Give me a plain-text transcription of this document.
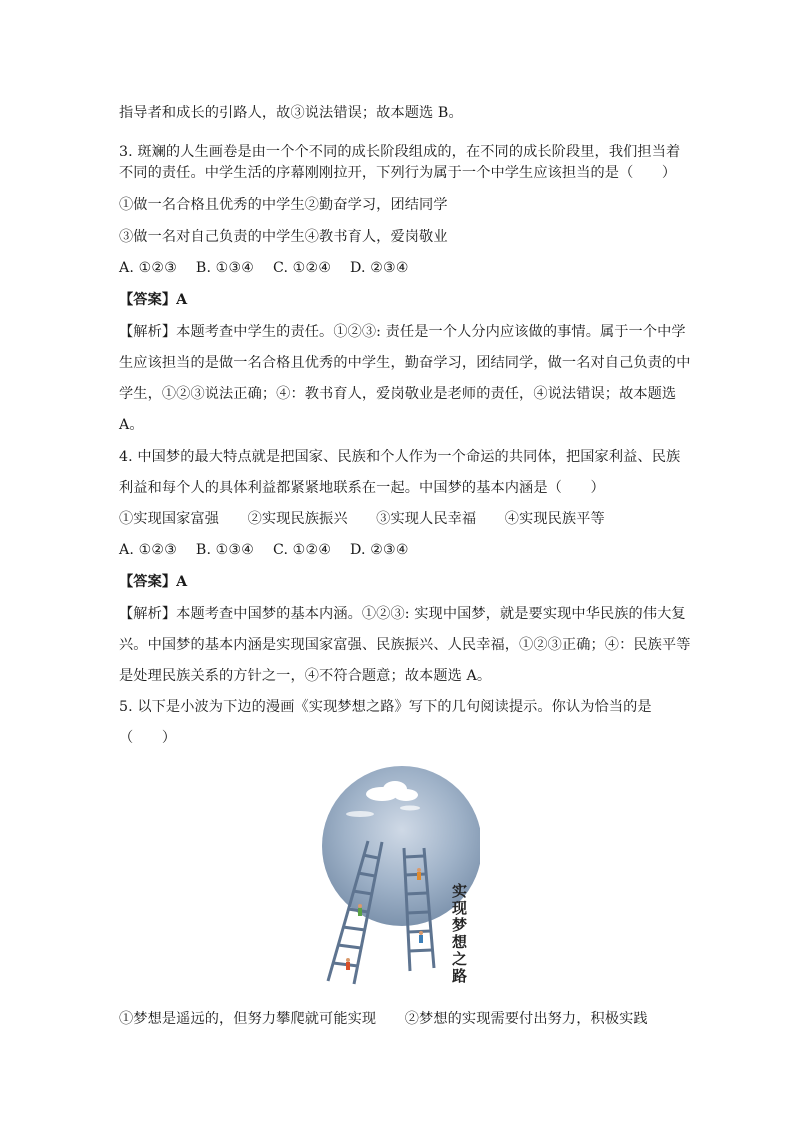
指导者和成长的引路人，故③说法错误；故本题选 B。
3. 斑斓的人生画卷是由一个个不同的成长阶段组成的，在不同的成长阶段里，我们担当着
不同的责任。中学生活的序幕刚刚拉开，下列行为属于一个中学生应该担当的是（　　）
①做一名合格且优秀的中学生②勤奋学习，团结同学
③做一名对自己负责的中学生④教书育人，爱岗敬业
A. ①②③　 B. ①③④　 C. ①②④　 D. ②③④
【答案】A
【解析】本题考查中学生的责任。①②③: 责任是一个人分内应该做的事情。属于一个中学
生应该担当的是做一名合格且优秀的中学生，勤奋学习，团结同学，做一名对自己负责的中
学生，①②③说法正确；④：教书育人，爱岗敬业是老师的责任，④说法错误；故本题选
A。
4. 中国梦的最大特点就是把国家、民族和个人作为一个命运的共同体，把国家利益、民族
利益和每个人的具体利益都紧紧地联系在一起。中国梦的基本内涵是（　　）
①实现国家富强　　②实现民族振兴　　③实现人民幸福　　④实现民族平等
A. ①②③　 B. ①③④　 C. ①②④　 D. ②③④
【答案】A
【解析】本题考查中国梦的基本内涵。①②③: 实现中国梦，就是要实现中华民族的伟大复
兴。中国梦的基本内涵是实现国家富强、民族振兴、人民幸福，①②③正确；④：民族平等
是处理民族关系的方针之一，④不符合题意；故本题选 A。
5. 以下是小波为下边的漫画《实现梦想之路》写下的几句阅读提示。你认为恰当的是
（　　）
实
现
梦
想
之
路
①梦想是遥远的，但努力攀爬就可能实现　　②梦想的实现需要付出努力，积极实践
